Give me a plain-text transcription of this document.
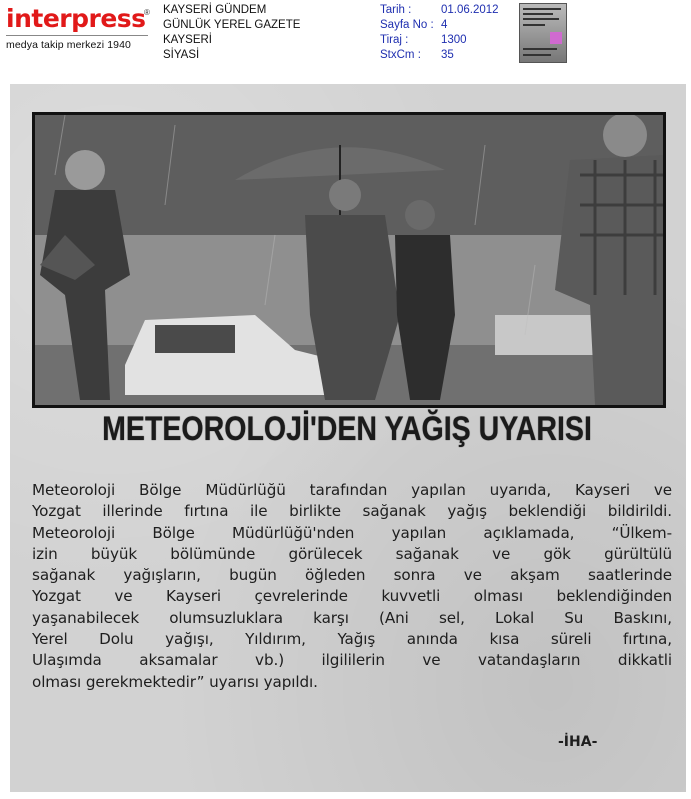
interpress
®
medya takip merkezi 1940
KAYSERİ GÜNDEM
GÜNLÜK YEREL GAZETE
KAYSERİ
SİYASİ
Tarih :	01.06.2012
Sayfa No : 4
Tiraj :	1300
StxCm : 35
METEOROLOJİ'DEN YAĞIŞ UYARISI
Meteoroloji Bölge Müdürlüğü tarafından yapılan uyarıda, Kayseri ve
Yozgat illerinde fırtına ile birlikte sağanak yağış beklendiği bildirildi.
Meteoroloji Bölge Müdürlüğü'nden yapılan açıklamada, “Ülkem-
izin büyük bölümünde görülecek sağanak ve gök gürültülü
sağanak yağışların, bugün öğleden sonra ve akşam saatlerinde
Yozgat ve Kayseri çevrelerinde kuvvetli olması beklendiğinden
yaşanabilecek olumsuzluklara karşı (Ani sel, Lokal Su Baskını,
Yerel Dolu yağışı, Yıldırım, Yağış anında kısa süreli fırtına,
Ulaşımda aksamalar vb.) ilgililerin ve vatandaşların dikkatli
olması gerekmektedir” uyarısı yapıldı.
-İHA-
